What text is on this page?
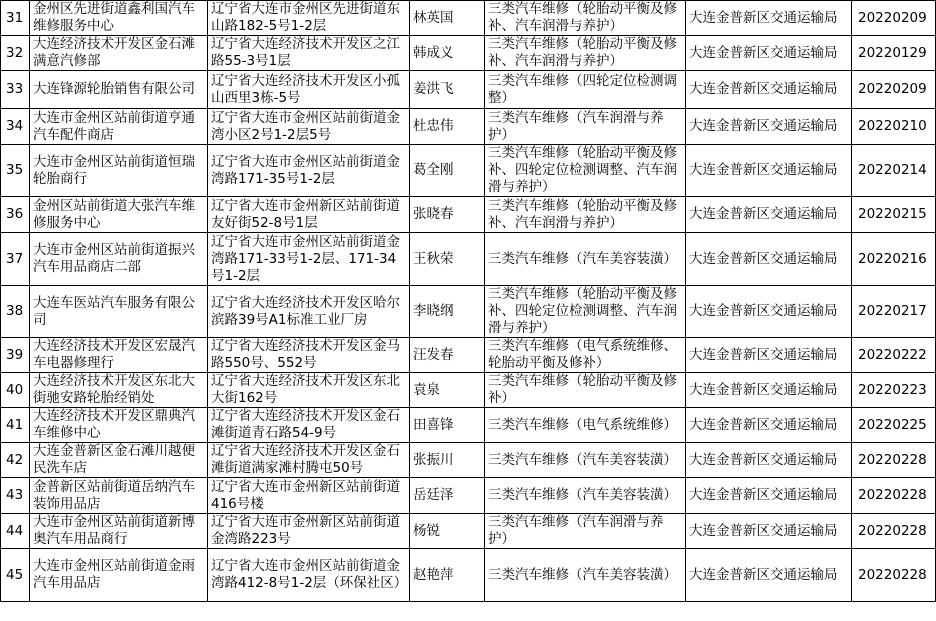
31	金州区先进街道鑫利国汽车维修服务中心	辽宁省大连市金州区先进街道东山路182-5号1-2层	林英国	三类汽车维修（轮胎动平衡及修补、汽车润滑与养护）	大连金普新区交通运输局	20220209
32	大连经济技术开发区金石滩满意汽修部	辽宁省大连经济技术开发区之江路55-3号1层	韩成义	三类汽车维修（轮胎动平衡及修补、汽车润滑与养护）	大连金普新区交通运输局	20220129
33	大连锋源轮胎销售有限公司	辽宁省大连经济技术开发区小孤山西里3栋-5号	姜洪飞	三类汽车维修（四轮定位检测调整）	大连金普新区交通运输局	20220209
34	大连市金州区站前街道亨通汽车配件商店	辽宁省大连市金州区站前街道金湾小区2号1-2层5号	杜忠伟	三类汽车维修（汽车润滑与养护）	大连金普新区交通运输局	20220210
35	大连市金州区站前街道恒瑞轮胎商行	辽宁省大连市金州区站前街道金湾路171-35号1-2层	葛全刚	三类汽车维修（轮胎动平衡及修补、四轮定位检测调整、汽车润滑与养护）	大连金普新区交通运输局	20220214
36	金州区站前街道大张汽车维修服务中心	辽宁省大连市金州新区站前街道友好街52-8号1层	张晓春	三类汽车维修（轮胎动平衡及修补、汽车润滑与养护）	大连金普新区交通运输局	20220215
37	大连市金州区站前街道振兴汽车用品商店二部	辽宁省大连市金州区站前街道金湾路171-33号1-2层、171-34号1-2层	王秋荣	三类汽车维修（汽车美容装潢）	大连金普新区交通运输局	20220216
38	大连车医站汽车服务有限公司	辽宁省大连经济技术开发区哈尔滨路39号A1标准工业厂房	李晓纲	三类汽车维修（轮胎动平衡及修补、四轮定位检测调整、汽车润滑与养护）	大连金普新区交通运输局	20220217
39	大连经济技术开发区宏晟汽车电器修理行	辽宁省大连经济技术开发区金马路550号、552号	汪发春	三类汽车维修（电气系统维修、轮胎动平衡及修补）	大连金普新区交通运输局	20220222
40	大连经济技术开发区东北大街驰安路轮胎经销处	辽宁省大连经济技术开发区东北大街162号	袁泉	三类汽车维修（轮胎动平衡及修补）	大连金普新区交通运输局	20220223
41	大连经济技术开发区鼎典汽车维修中心	辽宁省大连经济技术开发区金石滩街道青石路54-9号	田喜锋	三类汽车维修（电气系统维修）	大连金普新区交通运输局	20220225
42	大连金普新区金石滩川越便民洗车店	辽宁省大连经济技术开发区金石滩街道满家滩村腾屯50号	张振川	三类汽车维修（汽车美容装潢）	大连金普新区交通运输局	20220228
43	金普新区站前街道岳纳汽车装饰用品店	辽宁省大连市金州新区站前街道416号楼	岳廷泽	三类汽车维修（汽车美容装潢）	大连金普新区交通运输局	20220228
44	大连市金州区站前街道新博奥汽车用品商行	辽宁省大连市金州新区站前街道金湾路223号	杨锐	三类汽车维修（汽车润滑与养护）	大连金普新区交通运输局	20220228
45	大连市金州区站前街道金雨汽车用品店	辽宁省大连市金州区站前街道金湾路412-8号1-2层（环保社区）	赵艳萍	三类汽车维修（汽车美容装潢）	大连金普新区交通运输局	20220228
